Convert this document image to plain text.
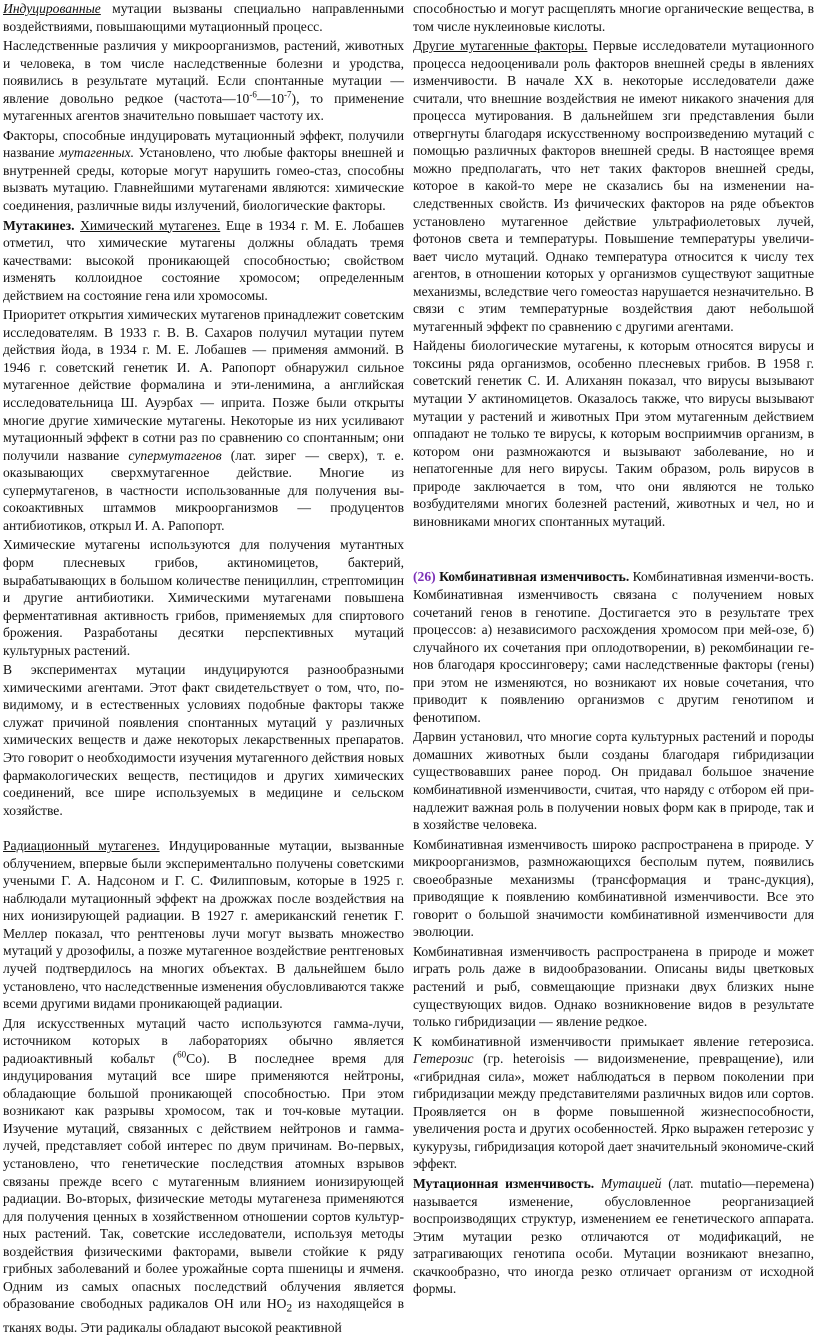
Индуцированные мутации вызваны специально направленными воздействиями, повышающими мутационный процесс.

Наследственные различия у микроорганизмов, растений, животных и человека, в том числе наследственные болезни и уродства, появились в результате мутаций. Если спонтанные мутации — явление довольно редкое $(частота—10^{-6}—10^{-7})$, то применение мутагенных агентов значительно повышает частоту их.

Факторы, способные индуцировать мутационный эффект, получили название мутагенных. Установлено, что любые факторы внешней и внутренней среды, которые могут нарушить гомео-стаз, способны вызвать мутацию. Главнейшими мутагенами являются: химические соединения, различные виды излучений, биологические факторы.

Мутакинез. Химический мутагенез. Еще в 1934 г. М. Е. Лобашев отметил, что химические мутагены должны обладать тремя качествами: высокой проникающей способностью; свойством изменять коллоидное состояние хромосом; определенным действием на состояние гена или хромосомы.

Приоритет открытия химических мутагенов принадлежит советским исследователям. В 1933 г. В. В. Сахаров получил мутации путем действия йода, в 1934 г. М. Е. Лобашев — применяя аммоний. В 1946 г. советский генетик И. А. Рапопорт обнаружил сильное мутагенное действие формалина и эти-ленимина, а английская исследовательница Ш. Ауэрбах — иприта. Позже были открыты многие другие химические мутагены. Некоторые из них усиливают мутационный эффект в сотни раз по сравнению со спонтанным; они получили название супермутагенов (лат. зирег — сверх), т. е. оказывающих сверхмутагенное действие. Многие из супермутагенов, в частности использованные для получения вы-сокоактивных штаммов микроорганизмов — продуцентов антибиотиков, открыл И. А. Рапопорт.

Химические мутагены используются для получения мутантных форм плесневых грибов, актиномицетов, бактерий, вырабатывающих в большом количестве пенициллин, стрептомицин и другие антибиотики. Химическими мутагенами повышена ферментативная активность грибов, применяемых для спиртового брожения. Разработаны десятки перспективных мутаций культурных растений.

В экспериментах мутации индуцируются разнообразными химическими агентами. Этот факт свидетельствует о том, что, по-видимому, и в естественных условиях подобные факторы также служат причиной появления спонтанных мутаций у различных химических веществ и даже некоторых лекарственных препаратов. Это говорит о необходимости изучения мутагенного действия новых фармакологических веществ, пестицидов и других химических соединений, все шире используемых в медицине и сельском хозяйстве.

Радиационный мутагенез. Индуцированные мутации, вызванные облучением, впервые были экспериментально получены советскими учеными Г. А. Надсоном и Г. С. Филипповым, которые в 1925 г. наблюдали мутационный эффект на дрожжах после воздействия на них ионизирующей радиации. В 1927 г. американский генетик Г. Меллер показал, что рентгеновы лучи могут вызвать множество мутаций у дрозофилы, а позже мутагенное воздействие рентгеновых лучей подтвердилось на многих объектах. В дальнейшем было установлено, что наследственные изменения обусловливаются также всеми другими видами проникающей радиации.

Для искусственных мутаций часто используются гамма-лучи, источником которых в лабораториях обычно является радиоактивный кобальт ($^{60}$Со). В последнее время для индуцирования мутаций все шире применяются нейтроны, обладающие большой проникающей способностью. При этом возникают как разрывы хромосом, так и точ-ковые мутации. Изучение мутаций, связанных с действием нейтронов и гамма-лучей, представляет собой интерес по двум причинам. Во-первых, установлено, что генетические последствия атомных взрывов связаны прежде всего с мутагенным влиянием ионизирующей радиации. Во-вторых, физические методы мутагенеза применяются для получения ценных в хозяйственном отношении сортов культур-ных растений. Так, советские исследователи, используя методы воздействия физическими факторами, вывели стойкие к ряду грибных заболеваний и более урожайные сорта пшеницы и ячменя. Одним из самых опасных последствий облучения является образование свободных радикалов ОН или $НО_2$ из находящейся в тканях воды. Эти радикалы обладают высокой реактивной

способностью и могут расщеплять многие органические вещества, в том числе нуклеиновые кислоты.

Другие мутагенные факторы. Первые исследователи мутационного процесса недооценивали роль факторов внешней среды в явлениях изменчивости. В начале XX в. некоторые исследователи даже считали, что внешние воздействия не имеют никакого значения для процесса мутирования. В дальнейшем зги представления были отвергнуты благодаря искусственному воспроизведению мутаций с помощью различных факторов внешней среды. В настоящее время можно предполагать, что нет таких факторов внешней среды, которое в какой-то мере не сказались бы на изменении на-следственных свойств. Из фичических факторов на ряде объектов установлено мутагенное действие ультрафиолетовых лучей, фотонов света и температуры. Повышение температуры увеличи-вает число мутаций. Однако температура относится к числу тех агентов, в отношении которых у организмов существуют защитные механизмы, вследствие чего гомеостаз нарушается незначительно. В связи с этим температурные воздействия дают небольшой мутагенный эффект по сравнению с другими агентами.

Найдены биологические мутагены, к которым относятся вирусы и токсины ряда организмов, особенно плесневых грибов. В 1958 г. советский генетик С. И. Алиханян показал, что вирусы вызывают мутации У актиномицетов. Оказалось также, что вирусы вызывают мутации у растений и животных При этом мутагенным действием оппадают не только те вирусы, к которым восприимчив организм, в котором они размножаются и вызывают заболевание, но и непатогенные для него вирусы. Таким образом, роль вирусов в природе заключается в том, что они являются не только возбудителями многих болезней растений, животных и чел, но и виновниками многих спонтанных мутаций.

(26) Комбинативная изменчивость. Комбинативная изменчи-вость. Комбинативная изменчивость связана с получением новых сочетаний генов в генотипе. Достигается это в результате трех процессов: а) независимого расхождения хромосом при мей-озе, б) случайного их сочетания при оплодотворении, в) рекомбинации ге-нов благодаря кроссинговеру; сами наследственные факторы (гены) при этом не изменяются, но возникают их новые сочетания, что приводит к появлению организмов с другим генотипом и фенотипом.

Дарвин установил, что многие сорта культурных растений и породы домашних животных были созданы благодаря гибридизации существовавших ранее пород. Он придавал большое значение комбинативной изменчивости, считая, что наряду с отбором ей при-надлежит важная роль в получении новых форм как в природе, так и в хозяйстве человека.

Комбинативная изменчивость широко распространена в природе. У микроорганизмов, размножающихся бесполым путем, появились своеобразные механизмы (трансформация и транс-дукция), приводящие к появлению комбинативной изменчивости. Все это говорит о большой значимости комбинативной изменчивости для эволюции.

Комбинативная изменчивость распространена в природе и может играть роль даже в видообразовании. Описаны виды цветковых растений и рыб, совмещающие признаки двух близких ныне существующих видов. Однако возникновение видов в результате только гибридизации — явление редкое.

К комбинативной изменчивости примыкает явление гетерозиса. Гетерозис (гр. heteroisis — видоизменение, превращение), или «гибридная сила», может наблюдаться в первом поколении при гибридизации между представителями различных видов или сортов. Проявляется он в форме повышенной жизнеспособности, увеличения роста и других особенностей. Ярко выражен гетерозис у кукурузы, гибридизация которой дает значительный экономиче-ский эффект.

Мутационная изменчивость. Мутацией (лат. mutatio—перемена) называется изменение, обусловленное реорганизацией воспроизводящих структур, изменением ее генетического аппарата. Этим мутации резко отличаются от модификаций, не затрагивающих генотипа особи. Мутации возникают внезапно, скачкообразно, что иногда резко отличает организм от исходной формы.
